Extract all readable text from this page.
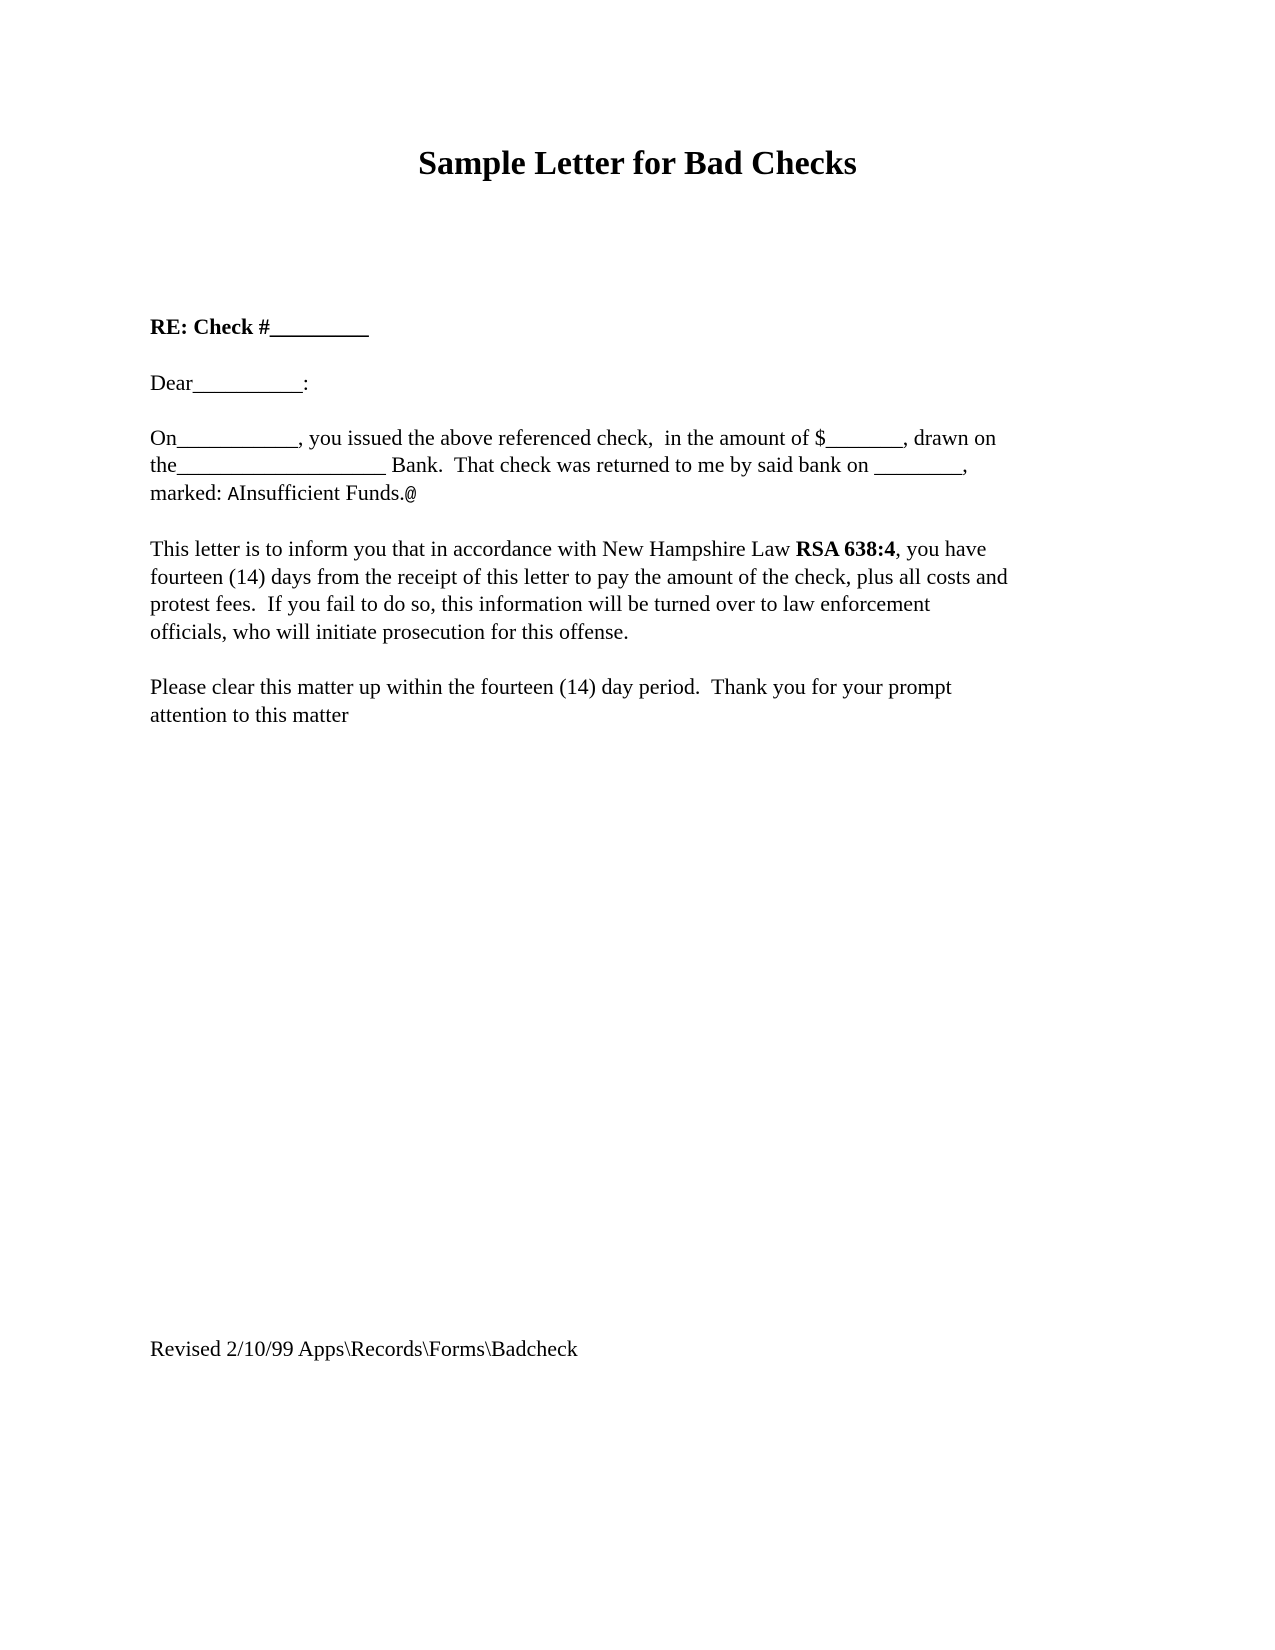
Sample Letter for Bad Checks

RE: Check #_________

Dear__________:

On___________, you issued the above referenced check,  in the amount of $_______, drawn on

the___________________ Bank.  That check was returned to me by said bank on ________,

marked: AInsufficient Funds.@

This letter is to inform you that in accordance with New Hampshire Law RSA 638:4, you have

fourteen (14) days from the receipt of this letter to pay the amount of the check, plus all costs and

protest fees.  If you fail to do so, this information will be turned over to law enforcement

officials, who will initiate prosecution for this offense.

Please clear this matter up within the fourteen (14) day period.  Thank you for your prompt

attention to this matter

Revised 2/10/99 Apps\Records\Forms\Badcheck
